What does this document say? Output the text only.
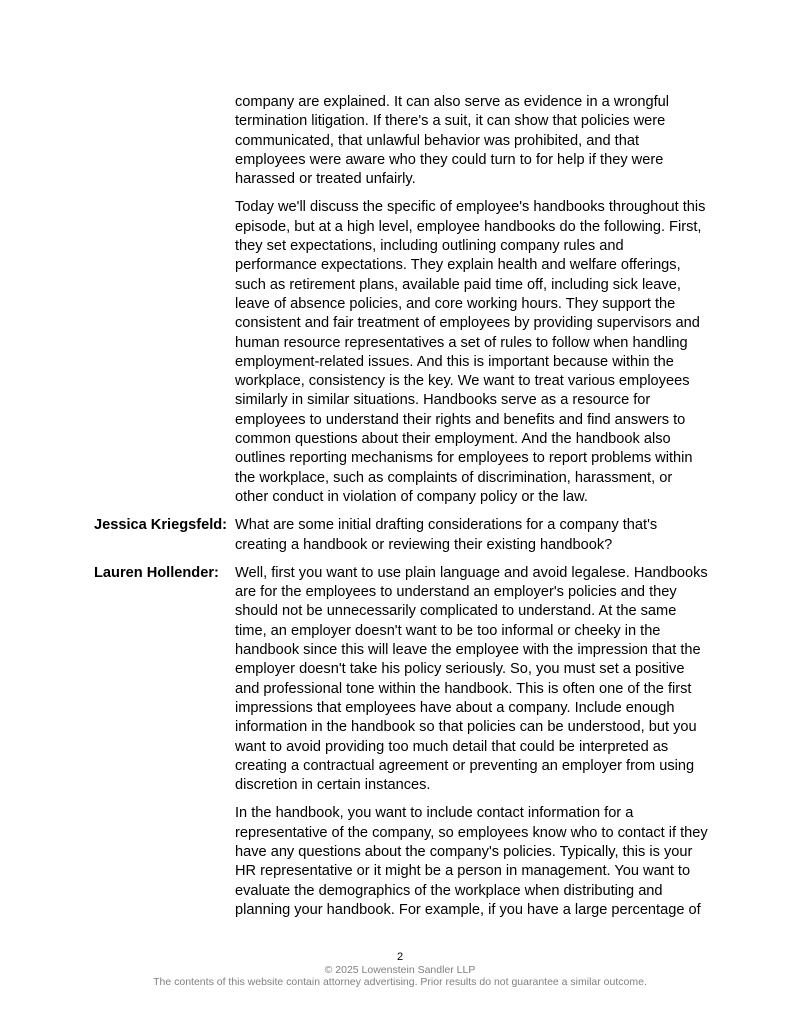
company are explained. It can also serve as evidence in a wrongful termination litigation. If there's a suit, it can show that policies were communicated, that unlawful behavior was prohibited, and that employees were aware who they could turn to for help if they were harassed or treated unfairly.

Today we'll discuss the specific of employee's handbooks throughout this episode, but at a high level, employee handbooks do the following. First, they set expectations, including outlining company rules and performance expectations. They explain health and welfare offerings, such as retirement plans, available paid time off, including sick leave, leave of absence policies, and core working hours. They support the consistent and fair treatment of employees by providing supervisors and human resource representatives a set of rules to follow when handling employment-related issues. And this is important because within the workplace, consistency is the key. We want to treat various employees similarly in similar situations. Handbooks serve as a resource for employees to understand their rights and benefits and find answers to common questions about their employment. And the handbook also outlines reporting mechanisms for employees to report problems within the workplace, such as complaints of discrimination, harassment, or other conduct in violation of company policy or the law.

Jessica Kriegsfeld: What are some initial drafting considerations for a company that's creating a handbook or reviewing their existing handbook?

Lauren Hollender:	Well, first you want to use plain language and avoid legalese. Handbooks are for the employees to understand an employer's policies and they should not be unnecessarily complicated to understand. At the same time, an employer doesn't want to be too informal or cheeky in the handbook since this will leave the employee with the impression that the employer doesn't take his policy seriously. So, you must set a positive and professional tone within the handbook. This is often one of the first impressions that employees have about a company. Include enough information in the handbook so that policies can be understood, but you want to avoid providing too much detail that could be interpreted as creating a contractual agreement or preventing an employer from using discretion in certain instances.

In the handbook, you want to include contact information for a representative of the company, so employees know who to contact if they have any questions about the company's policies. Typically, this is your HR representative or it might be a person in management. You want to evaluate the demographics of the workplace when distributing and planning your handbook. For example, if you have a large percentage of

2
© 2025 Lowenstein Sandler LLP
The contents of this website contain attorney advertising. Prior results do not guarantee a similar outcome.
